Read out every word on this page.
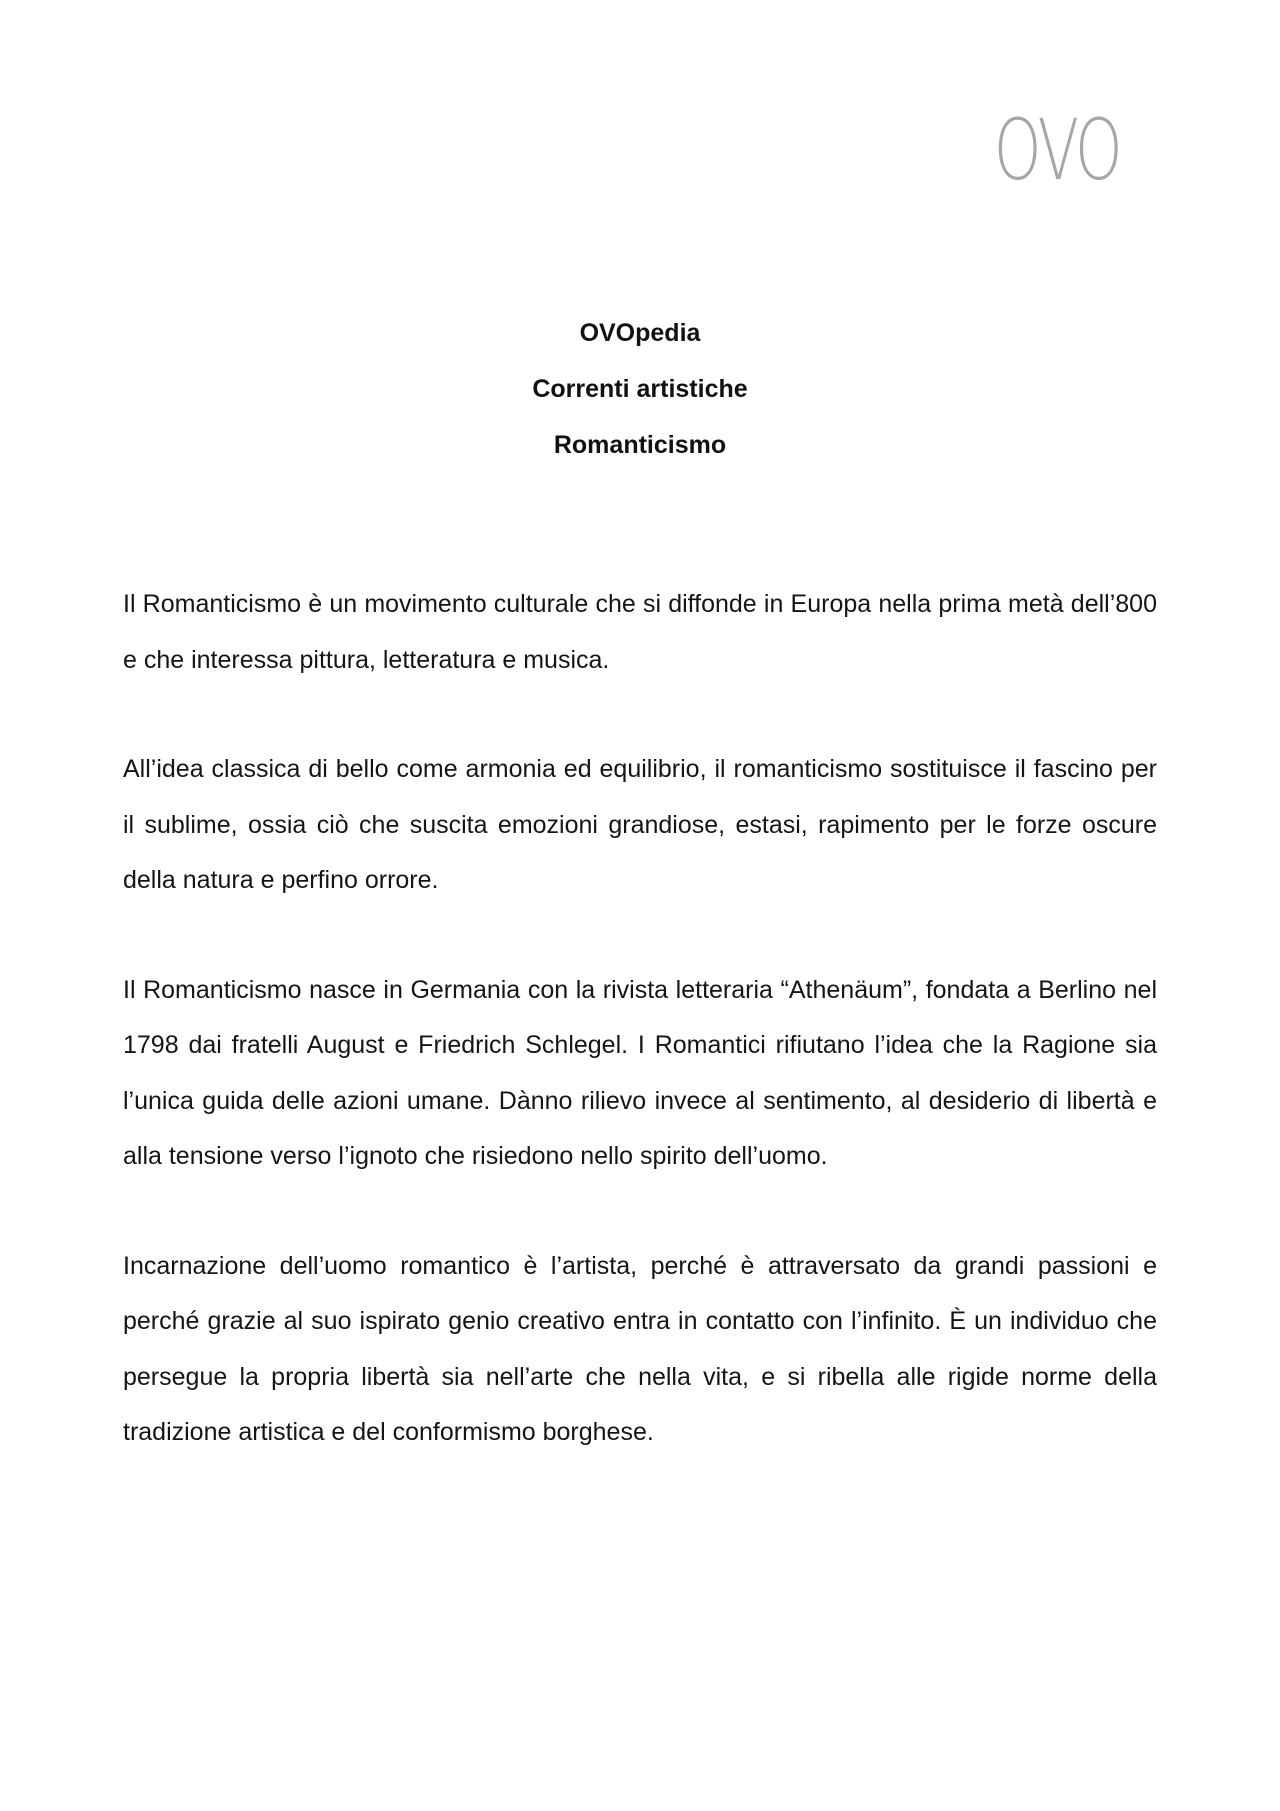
OVO
OVOpedia
Correnti artistiche
Romanticismo

Il Romanticismo è un movimento culturale che si diffonde in Europa nella prima metà dell’800 e che interessa pittura, letteratura e musica.

All’idea classica di bello come armonia ed equilibrio, il romanticismo sostituisce il fascino per il sublime, ossia ciò che suscita emozioni grandiose, estasi, rapimento per le forze oscure della natura e perfino orrore.

Il Romanticismo nasce in Germania con la rivista letteraria “Athenäum”, fondata a Berlino nel 1798 dai fratelli August e Friedrich Schlegel. I Romantici rifiutano l’idea che la Ragione sia l’unica guida delle azioni umane. Dànno rilievo invece al sentimento, al desiderio di libertà e alla tensione verso l’ignoto che risiedono nello spirito dell’uomo.

Incarnazione dell’uomo romantico è l’artista, perché è attraversato da grandi passioni e perché grazie al suo ispirato genio creativo entra in contatto con l’infinito. È un individuo che persegue la propria libertà sia nell’arte che nella vita, e si ribella alle rigide norme della tradizione artistica e del conformismo borghese.
